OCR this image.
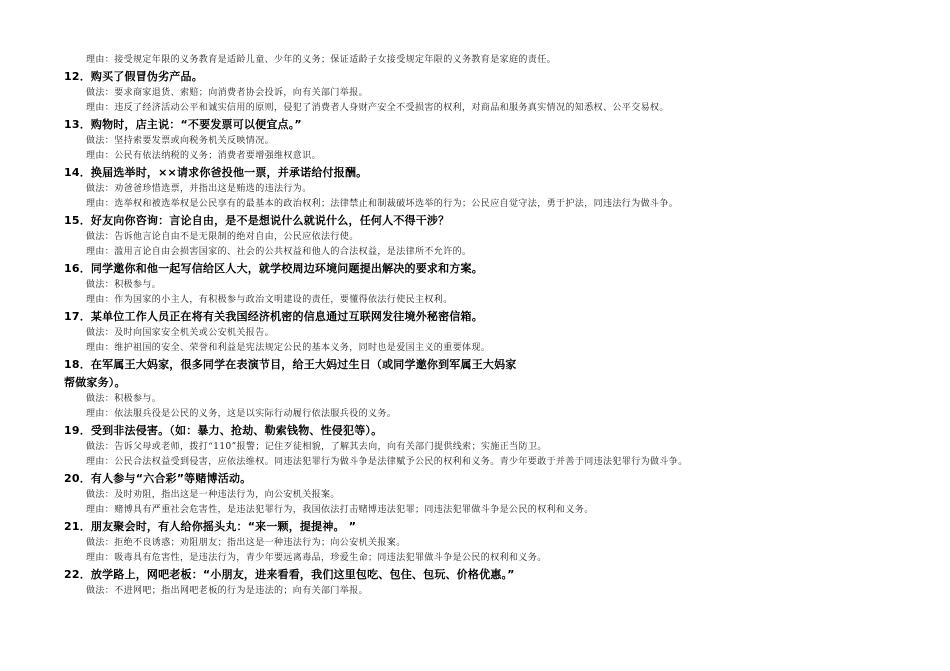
理由：接受规定年限的义务教育是适龄儿童、少年的义务；保证适龄子女接受规定年限的义务教育是家庭的责任。
12．购买了假冒伪劣产品。
做法：要求商家退货、索赔；向消费者协会投诉，向有关部门举报。
理由：违反了经济活动公平和诚实信用的原则，侵犯了消费者人身财产安全不受损害的权利，对商品和服务真实情况的知悉权、公平交易权。
13．购物时，店主说：“不要发票可以便宜点。”
做法：坚持索要发票或向税务机关反映情况。
理由：公民有依法纳税的义务；消费者要增强维权意识。
14．换届选举时，××请求你爸投他一票，并承诺给付报酬。
做法：劝爸爸珍惜选票，并指出这是贿选的违法行为。
理由：选举权和被选举权是公民享有的最基本的政治权利；法律禁止和制裁破坏选举的行为；公民应自觉守法，勇于护法，同违法行为做斗争。
15．好友向你咨询：言论自由，是不是想说什么就说什么，任何人不得干涉？
做法：告诉他言论自由不是无限制的绝对自由，公民应依法行使。
理由：滥用言论自由会损害国家的、社会的公共权益和他人的合法权益，是法律所不允许的。
16．同学邀你和他一起写信给区人大，就学校周边环境问题提出解决的要求和方案。
做法：积极参与。
理由：作为国家的小主人，有积极参与政治文明建设的责任，要懂得依法行使民主权利。
17．某单位工作人员正在将有关我国经济机密的信息通过互联网发往境外秘密信箱。
做法：及时向国家安全机关或公安机关报告。
理由：维护祖国的安全、荣誉和利益是宪法规定公民的基本义务，同时也是爱国主义的重要体现。
18．在军属王大妈家，很多同学在表演节目，给王大妈过生日（或同学邀你到军属王大妈家帮做家务）。
做法：积极参与。
理由：依法服兵役是公民的义务，这是以实际行动履行依法服兵役的义务。
19．受到非法侵害。（如：暴力、抢劫、勒索钱物、性侵犯等）。
做法：告诉父母或老师，拨打“110”报警；记住歹徒相貌，了解其去向，向有关部门提供线索；实施正当防卫。
理由：公民合法权益受到侵害，应依法维权。同违法犯罪行为做斗争是法律赋予公民的权利和义务。青少年要敢于并善于同违法犯罪行为做斗争。
20．有人参与“六合彩”等赌博活动。
做法：及时劝阻，指出这是一种违法行为，向公安机关报案。
理由：赌博具有严重社会危害性，是违法犯罪行为，我国依法打击赌博违法犯罪；同违法犯罪做斗争是公民的权利和义务。
21．朋友聚会时，有人给你摇头丸：“来一颗，提提神。 ”
做法：拒绝不良诱惑；劝阻朋友；指出这是一种违法行为；向公安机关报案。
理由：吸毒具有危害性，是违法行为，青少年要远离毒品，珍爱生命；同违法犯罪做斗争是公民的权利和义务。
22．放学路上，网吧老板：“小朋友，进来看看，我们这里包吃、包住、包玩、价格优惠。”
做法：不进网吧；指出网吧老板的行为是违法的；向有关部门举报。
